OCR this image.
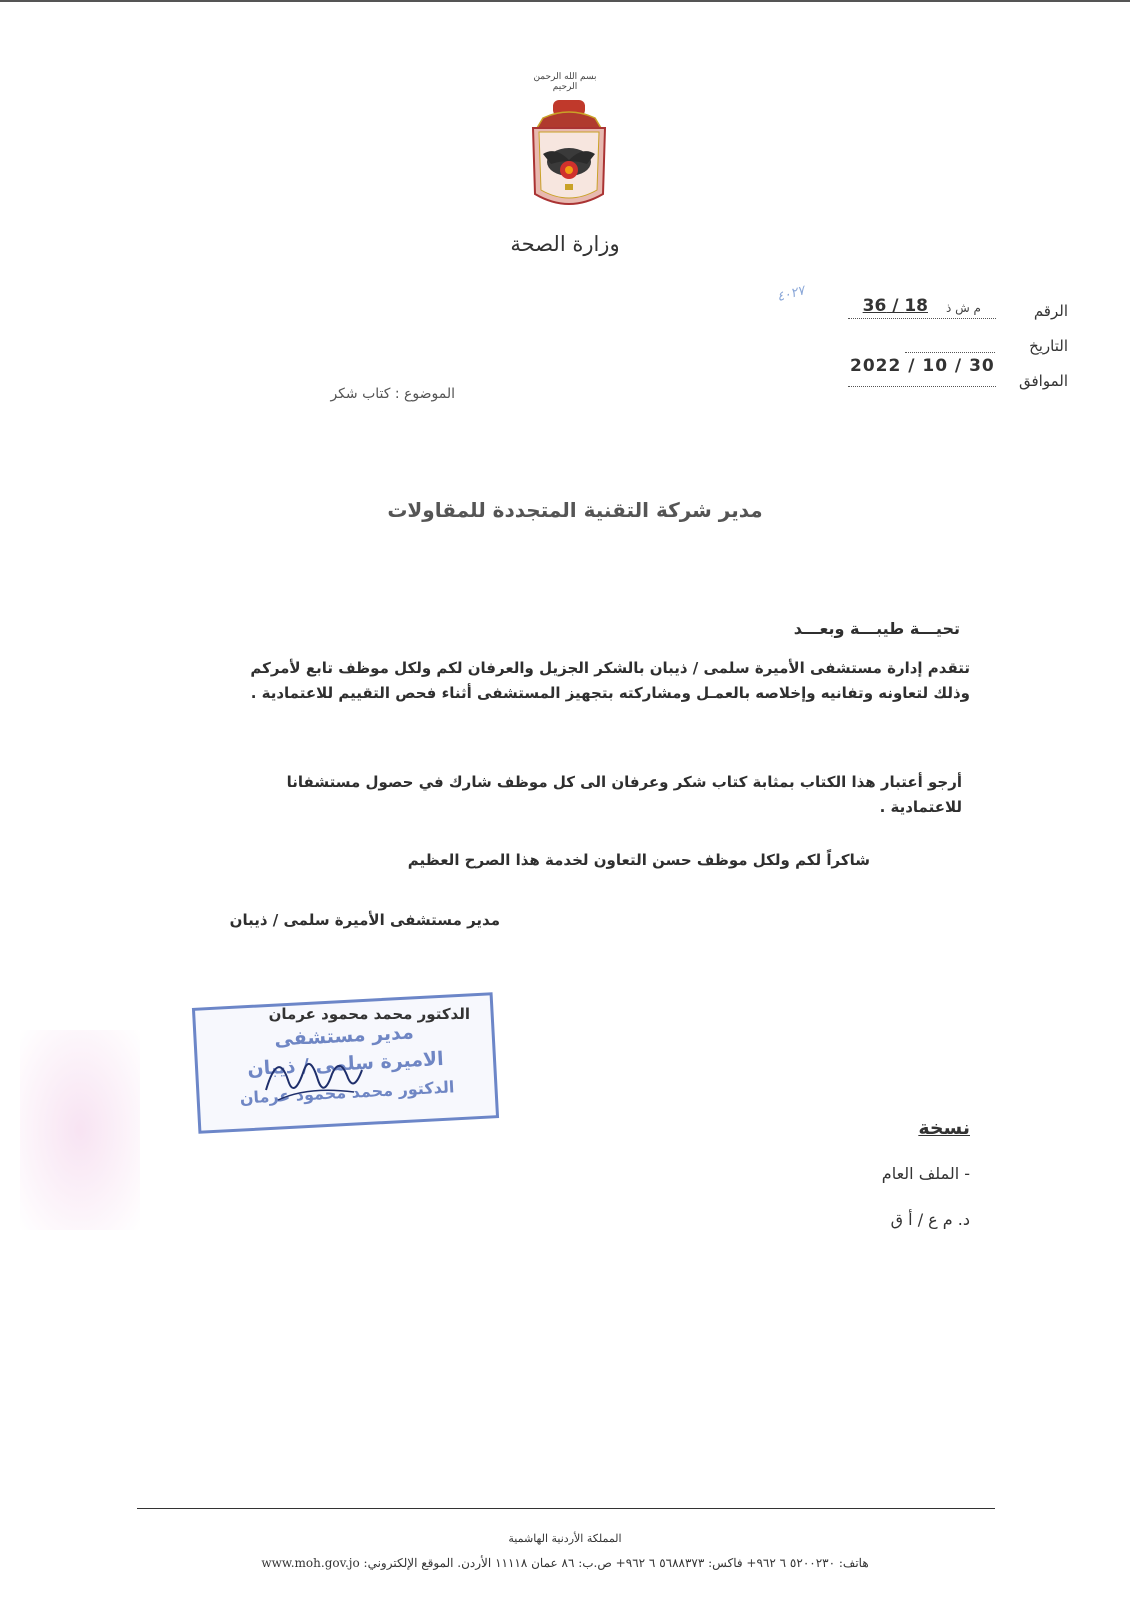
بسم الله الرحمن الرحيم
وزارة الصحة
٤٠٢٧
الرقم
م ش ذ
18 / 36
التاريخ
2022 / 10 / 30
الموافق
الموضوع : كتاب شكر
مدير شركة التقنية المتجددة للمقاولات
تحيـــة طيبـــة وبعـــد
تتقدم إدارة مستشفى الأميرة سلمى / ذيبان بالشكر الجزيل والعرفان لكم ولكل موظف تابع لأمركم وذلك لتعاونه وتفانيه وإخلاصه بالعمـل ومشاركته بتجهيز المستشفى أثناء فحص التقييم للاعتمادية .
أرجو أعتبار هذا الكتاب بمثابة كتاب شكر وعرفان الى كل موظف شارك في حصول مستشفانا للاعتمادية .
شاكراً لكم ولكل موظف حسن التعاون لخدمة هذا الصرح العظيم
مدير مستشفى الأميرة سلمى / ذيبان
مدير مستشفى
الاميرة سلمى / ذيبان
الدكتور محمد محمود عرمان
الدكتور محمد محمود عرمان
نسخة
- الملف العام
د. م ع / أ ق
المملكة الأردنية الهاشمية
هاتف: ٥٢٠٠٢٣٠ ٦ ٩٦٢+ فاكس: ٥٦٨٨٣٧٣ ٦ ٩٦٢+ ص.ب: ٨٦ عمان ١١١١٨ الأردن. الموقع الإلكتروني: www.moh.gov.jo
